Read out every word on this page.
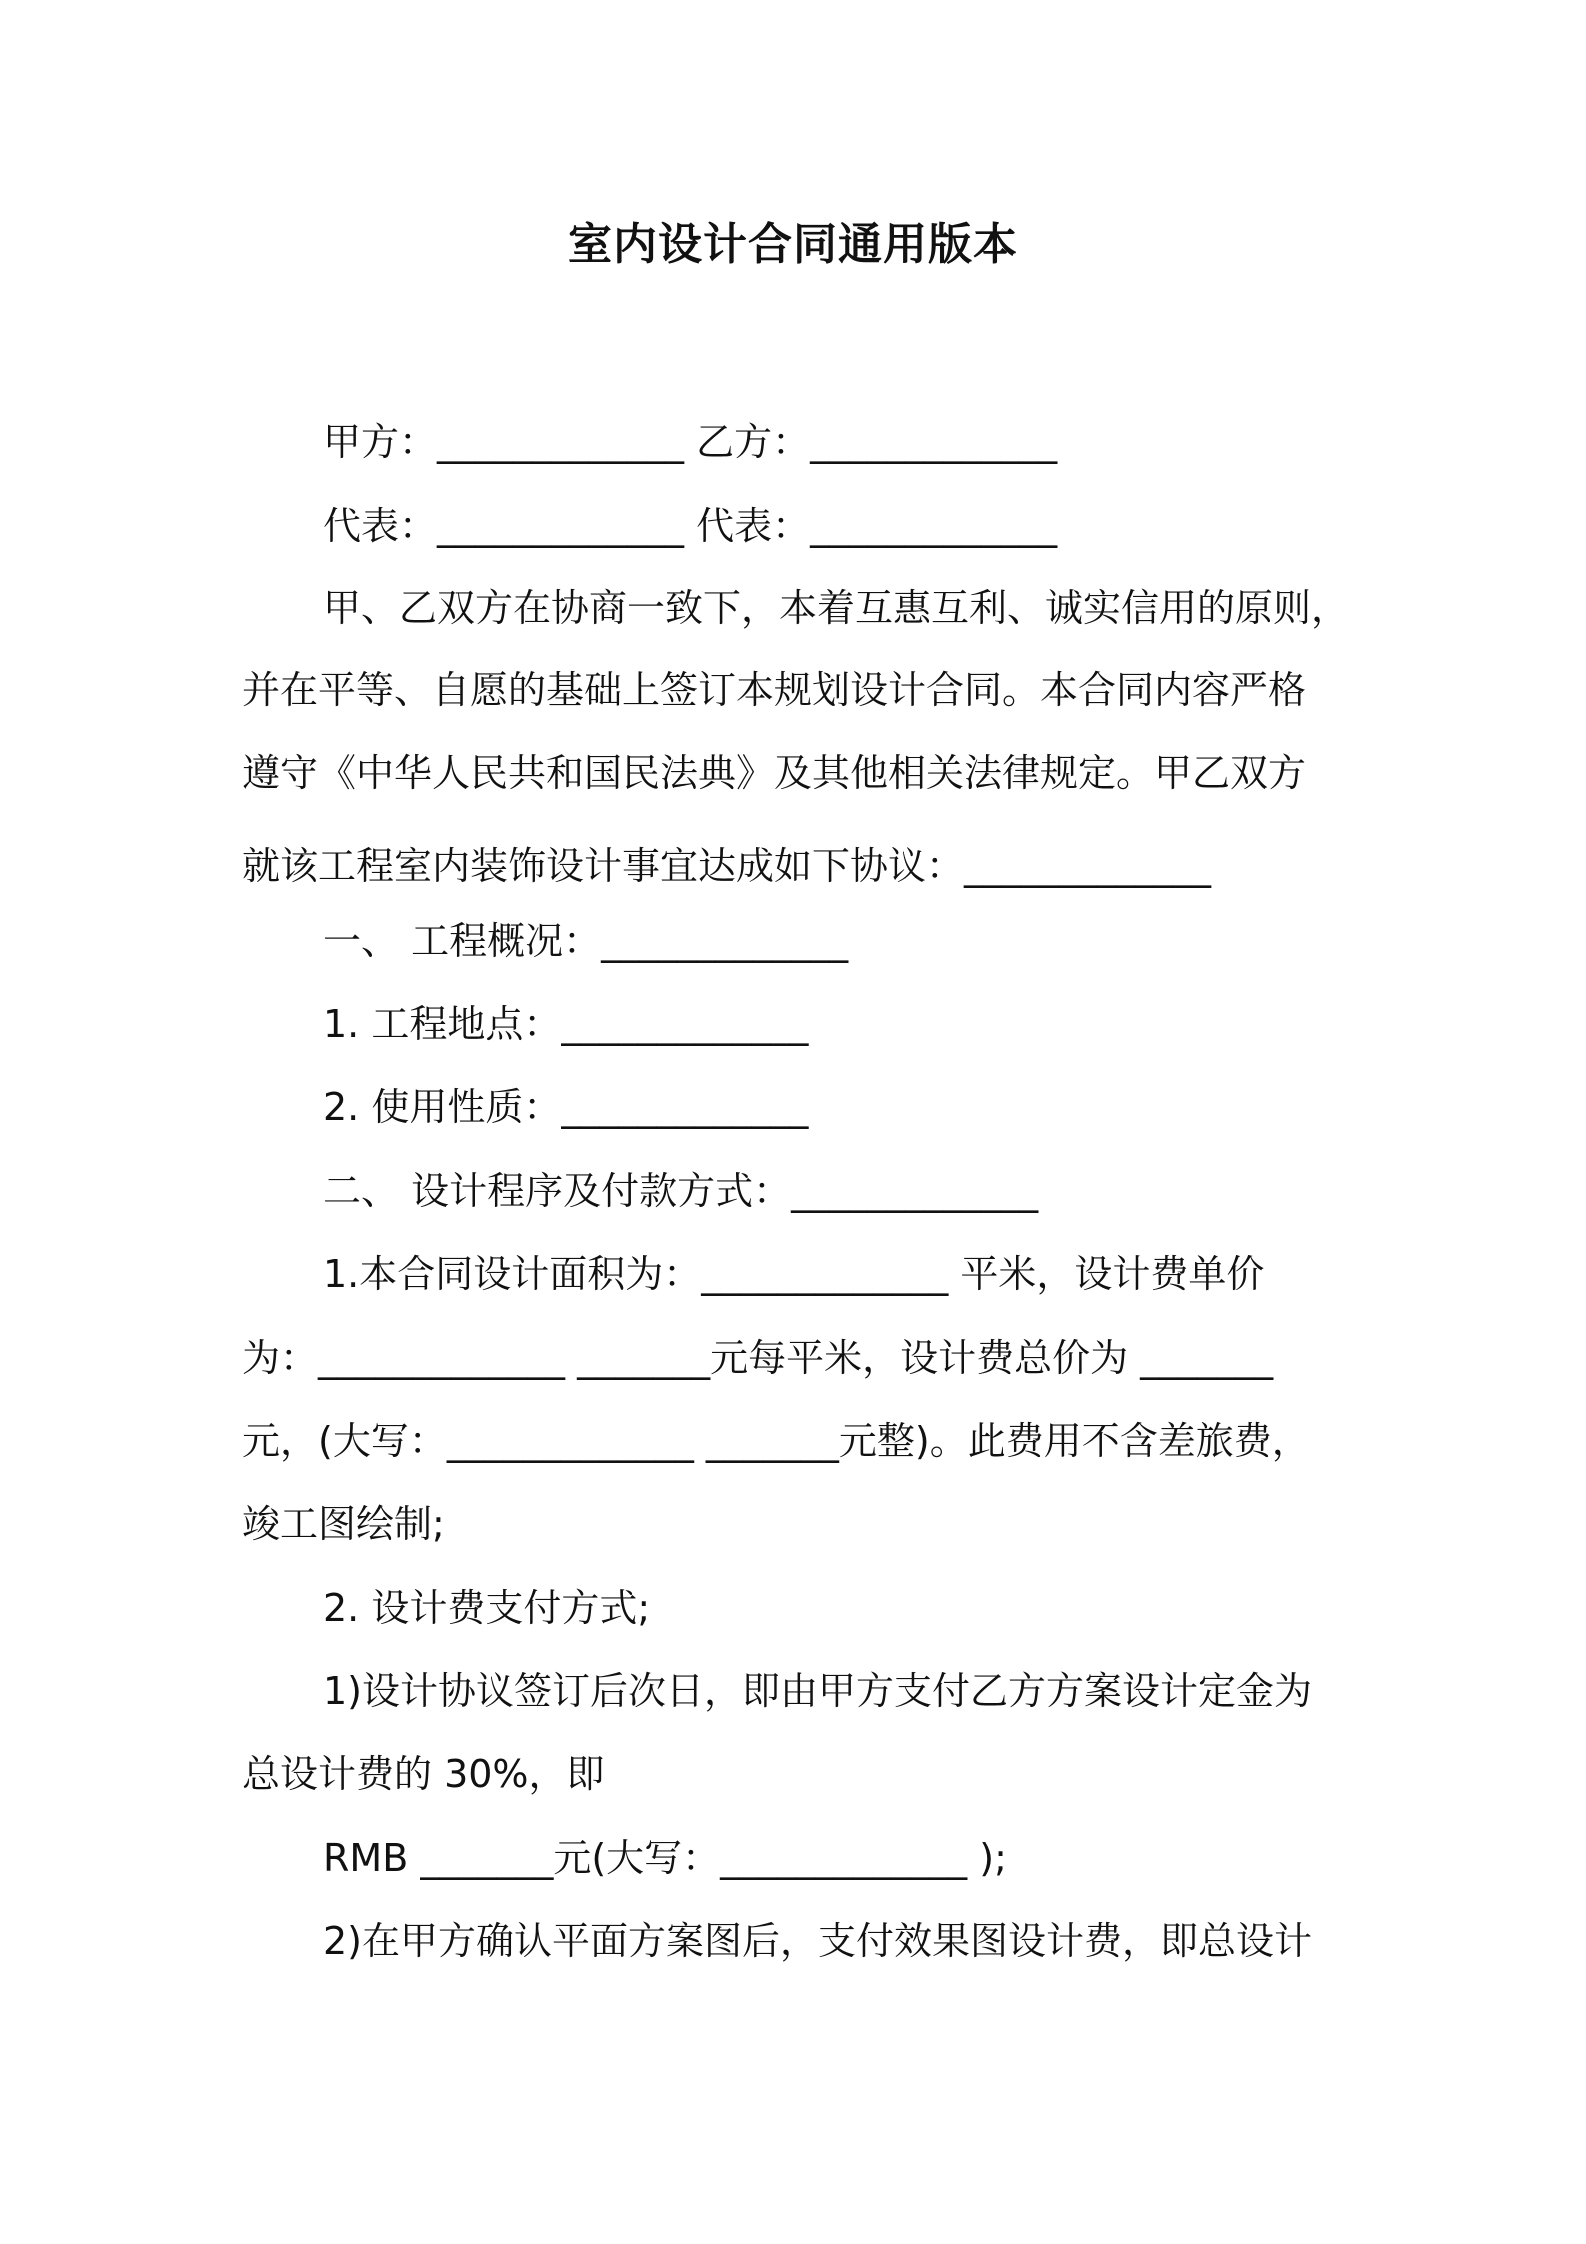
室内设计合同通用版本
甲方：_____________ 乙方：_____________
代表：_____________ 代表：_____________
甲、乙双方在协商一致下，本着互惠互利、诚实信用的原则，
并在平等、自愿的基础上签订本规划设计合同。本合同内容严格
遵守《中华人民共和国民法典》及其他相关法律规定。甲乙双方
就该工程室内装饰设计事宜达成如下协议：_____________
一、 工程概况：_____________
1. 工程地点：_____________
2. 使用性质：_____________
二、 设计程序及付款方式：_____________
1.本合同设计面积为：_____________ 平米，设计费单价
为：_____________ _______元每平米，设计费总价为 _______
元，(大写：_____________ _______元整)。此费用不含差旅费，
竣工图绘制;
2. 设计费支付方式;
1)设计协议签订后次日，即由甲方支付乙方方案设计定金为
总设计费的 30%，即
RMB _______元(大写：_____________ );
2)在甲方确认平面方案图后，支付效果图设计费，即总设计
